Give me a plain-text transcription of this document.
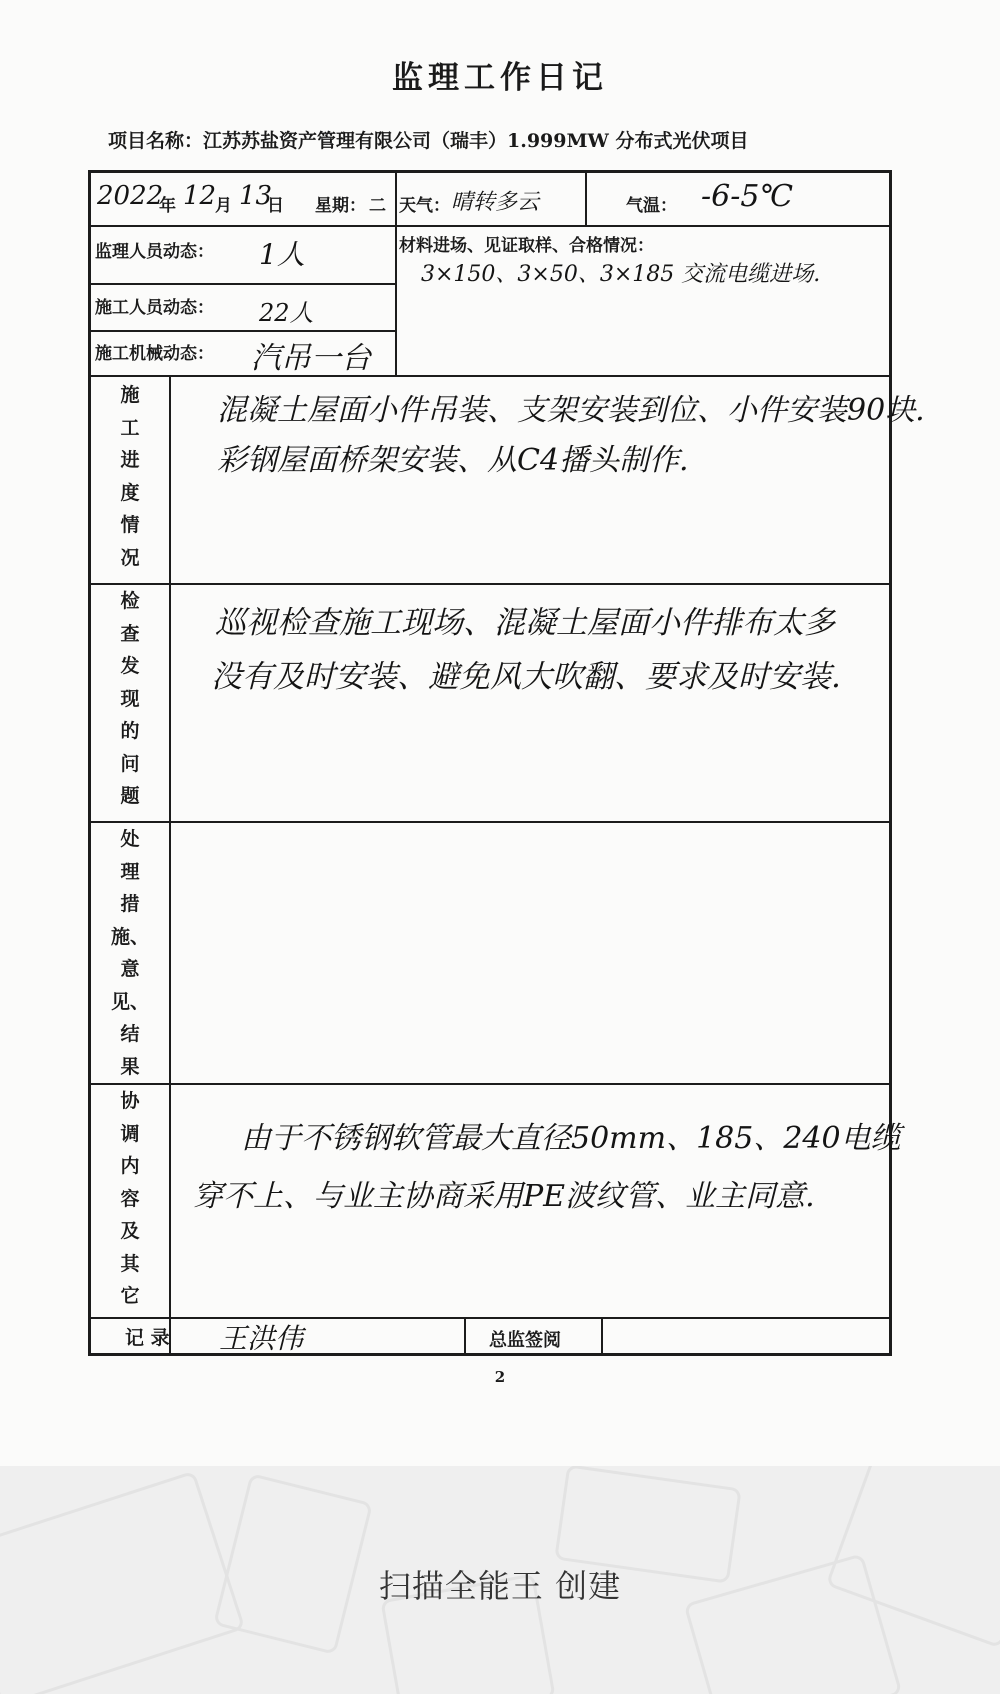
监理工作日记
项目名称：江苏苏盐资产管理有限公司（瑞丰）1.999MW 分布式光伏项目
2022
年 12
月 13
日 星期： 二 天气： 晴转多云	气温： -6-5℃
监理人员动态： 1人
施工人员动态： 22人
施工机械动态： 汽吊一台
材料进场、见证取样、合格情况：
3×150、3×50、3×185 交流电缆进场.
施
工
进
度
情
况
混凝土屋面小件吊装、支架安装到位、小件安装90块.
彩钢屋面桥架安装、从C4播头制作.
检
查
发
现
的
问
题
巡视检查施工现场、混凝土屋面小件排布太多
没有及时安装、避免风大吹翻、要求及时安装.
处
理
措
施、
意
见、
结
果
协
调
内
容
及
其
它
由于不锈钢软管最大直径50mm、185、240电缆
穿不上、与业主协商采用PE波纹管、业主同意.
记 录 王洪伟	总监签阅
2
扫描全能王 创建
